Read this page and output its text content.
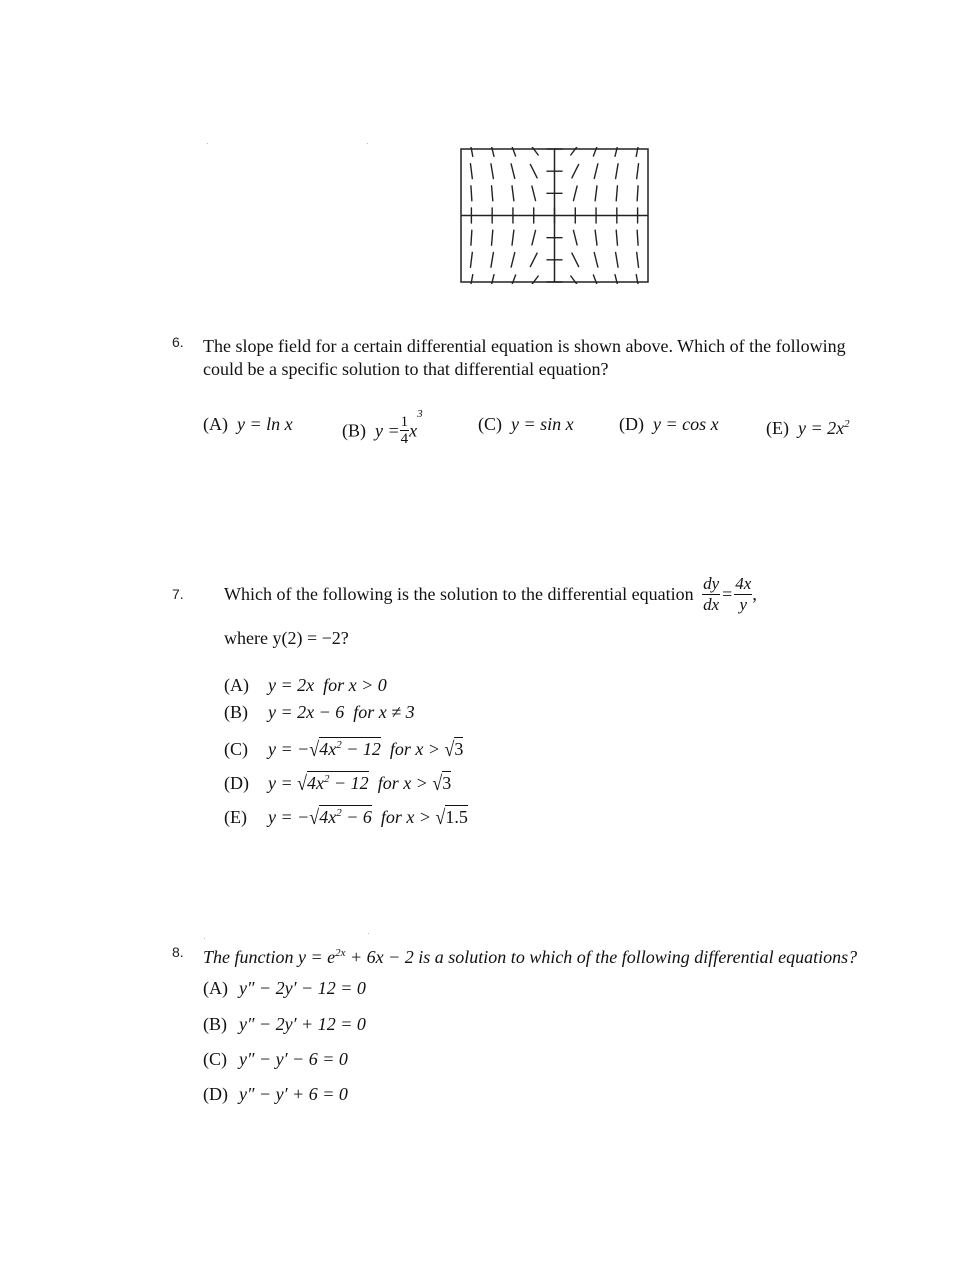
6. The slope field for a certain differential equation is shown above. Which of the following
could be a specific solution to that differential equation?
(A) y = ln x	(B) $y = \frac{1}{4} x^3$	(C) y = sin x	(D) y = cos x	(E) $y = 2x^2$
7. Which of the following is the solution to the differential equation $\frac{dy}{dx} = \frac{4x}{y}$ ,
where y(2) = −2?
(A) y = 2x for x > 0
(B) y = 2x − 6 for x ≠ 3
(C) $y = -√4x^2 - 12$ for x > √3
(D) $y = √4x^2 - 12$ for x > √3
(E) $y = -√4x^2 - 6$ for x > √1.5
8. The function $y = e^{2x} + 6x - 2$ is a solution to which of the following differential equations?
(A) y″ − 2y′ − 12 = 0
(B) y″ − 2y′ + 12 = 0
(C) y″ − y′ − 6 = 0
(D) y″ − y′ + 6 = 0
